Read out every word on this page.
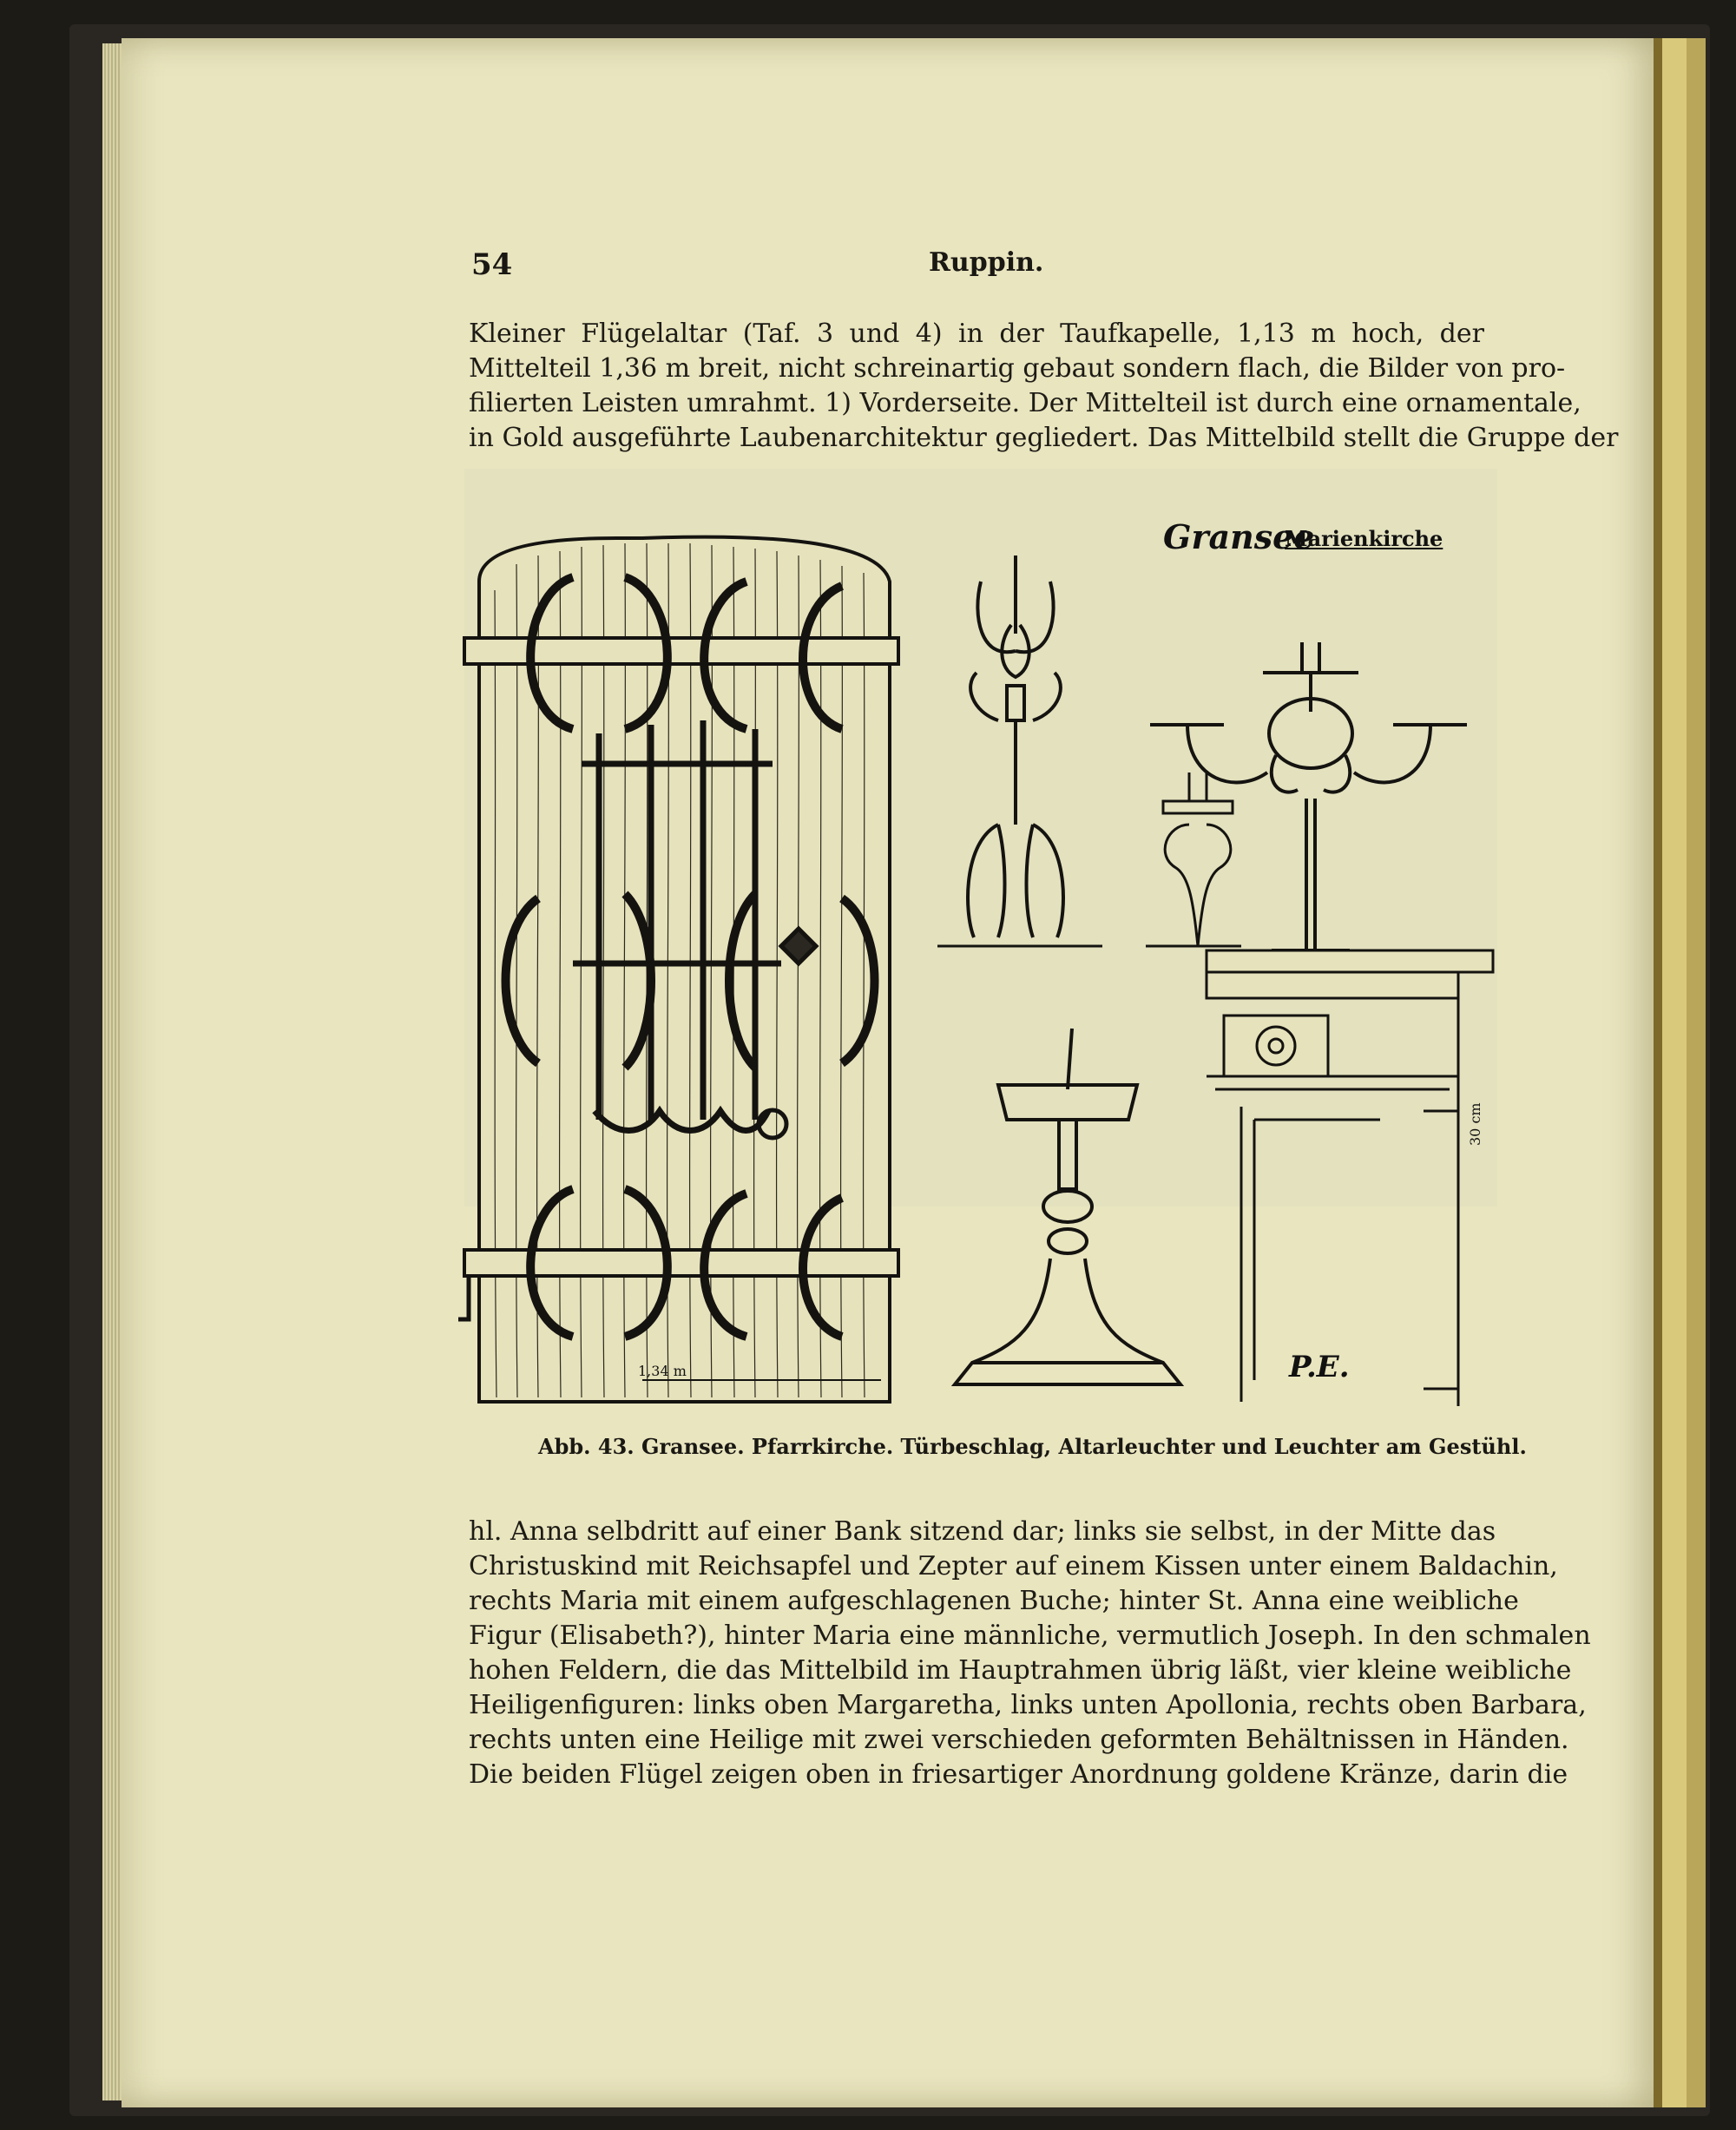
54	Ruppin.

Kleiner Flügelaltar (Taf. 3 und 4) in der Taufkapelle, 1,13 m hoch, der
Mittelteil 1,36 m breit, nicht schreinartig gebaut sondern flach, die Bilder von pro-
filierten Leisten umrahmt. 1) Vorderseite. Der Mittelteil ist durch eine ornamentale,
in Gold ausgeführte Laubenarchitektur gegliedert. Das Mittelbild stellt die Gruppe der

Gransee
Marienkirche
1,34 m
30 cm
P.E.
Abb. 43. Gransee. Pfarrkirche. Türbeschlag, Altarleuchter und Leuchter am Gestühl.

hl. Anna selbdritt auf einer Bank sitzend dar; links sie selbst, in der Mitte das
Christuskind mit Reichsapfel und Zepter auf einem Kissen unter einem Baldachin,
rechts Maria mit einem aufgeschlagenen Buche; hinter St. Anna eine weibliche
Figur (Elisabeth?), hinter Maria eine männliche, vermutlich Joseph. In den schmalen
hohen Feldern, die das Mittelbild im Hauptrahmen übrig läßt, vier kleine weibliche
Heiligenfiguren: links oben Margaretha, links unten Apollonia, rechts oben Barbara,
rechts unten eine Heilige mit zwei verschieden geformten Behältnissen in Händen.
Die beiden Flügel zeigen oben in friesartiger Anordnung goldene Kränze, darin die
